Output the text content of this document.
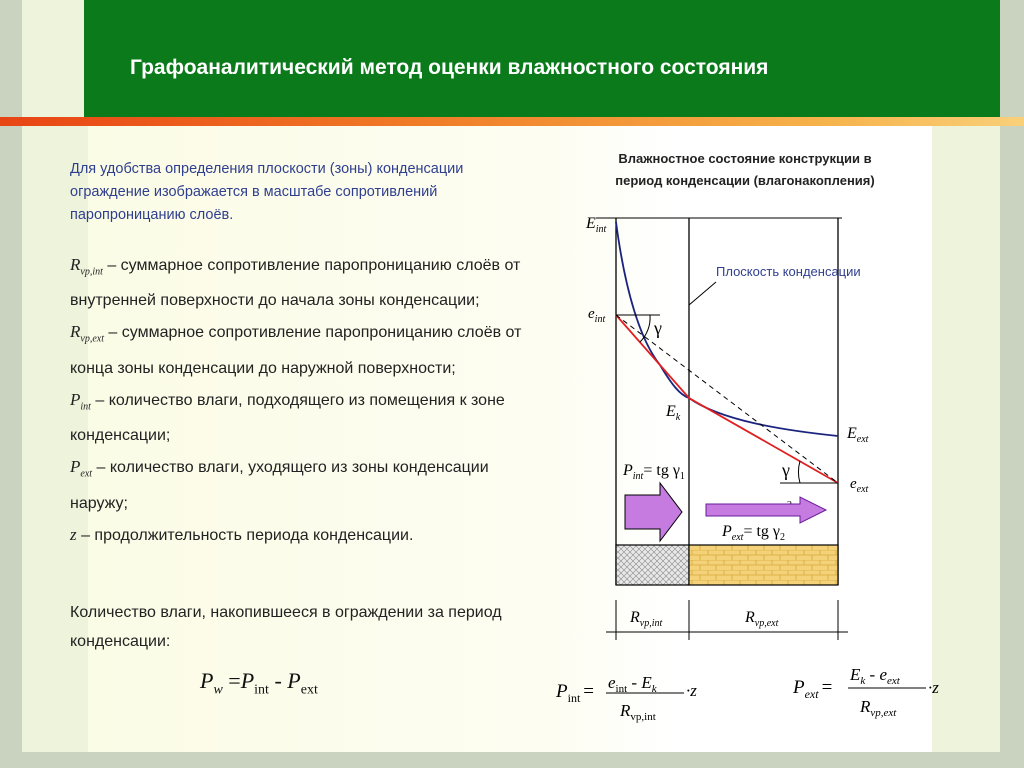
Графоаналитический метод оценки влажностного состояния
Для удобства определения плоскости (зоны) конденсации ограждение изображается в масштабе сопротивлений паропроницанию слоёв.

$R_{vp,int}$ – суммарное сопротивление паропроницанию слоёв от внутренней поверхности до начала зоны конденсации;

$R_{vp,ext}$ – суммарное сопротивление паропроницанию слоёв от конца зоны конденсации до наружной поверхности;

$P_{int}$ – количество влаги, подходящего из помещения к зоне конденсации;

$P_{ext}$ – количество влаги, уходящего из зоны конденсации наружу;

z – продолжительность периода конденсации.

Количество влаги, накопившееся в ограждении за период конденсации:
$P_w =P_{int} - P_{ext}$
Влажностное состояние конструкции в
период конденсации (влагонакопления)
$E_{int}$
$e_{int}$	γ
$E_k$
$E_{ext}$
$e_{ext}$
γ
Плоскость конденсации
$P_{int}=$ tg $\gamma_1$
$P_{ext}=$ tg $\gamma_2$
$R_{vp,int}$	$R_{vp,ext}$
$P_{int} = e_{int} - E_k$
$R_{vp,int}$
·z	$P_{ext}$ =
$E_k - e_{ext}$
$R_{vp,ext}$
·z
